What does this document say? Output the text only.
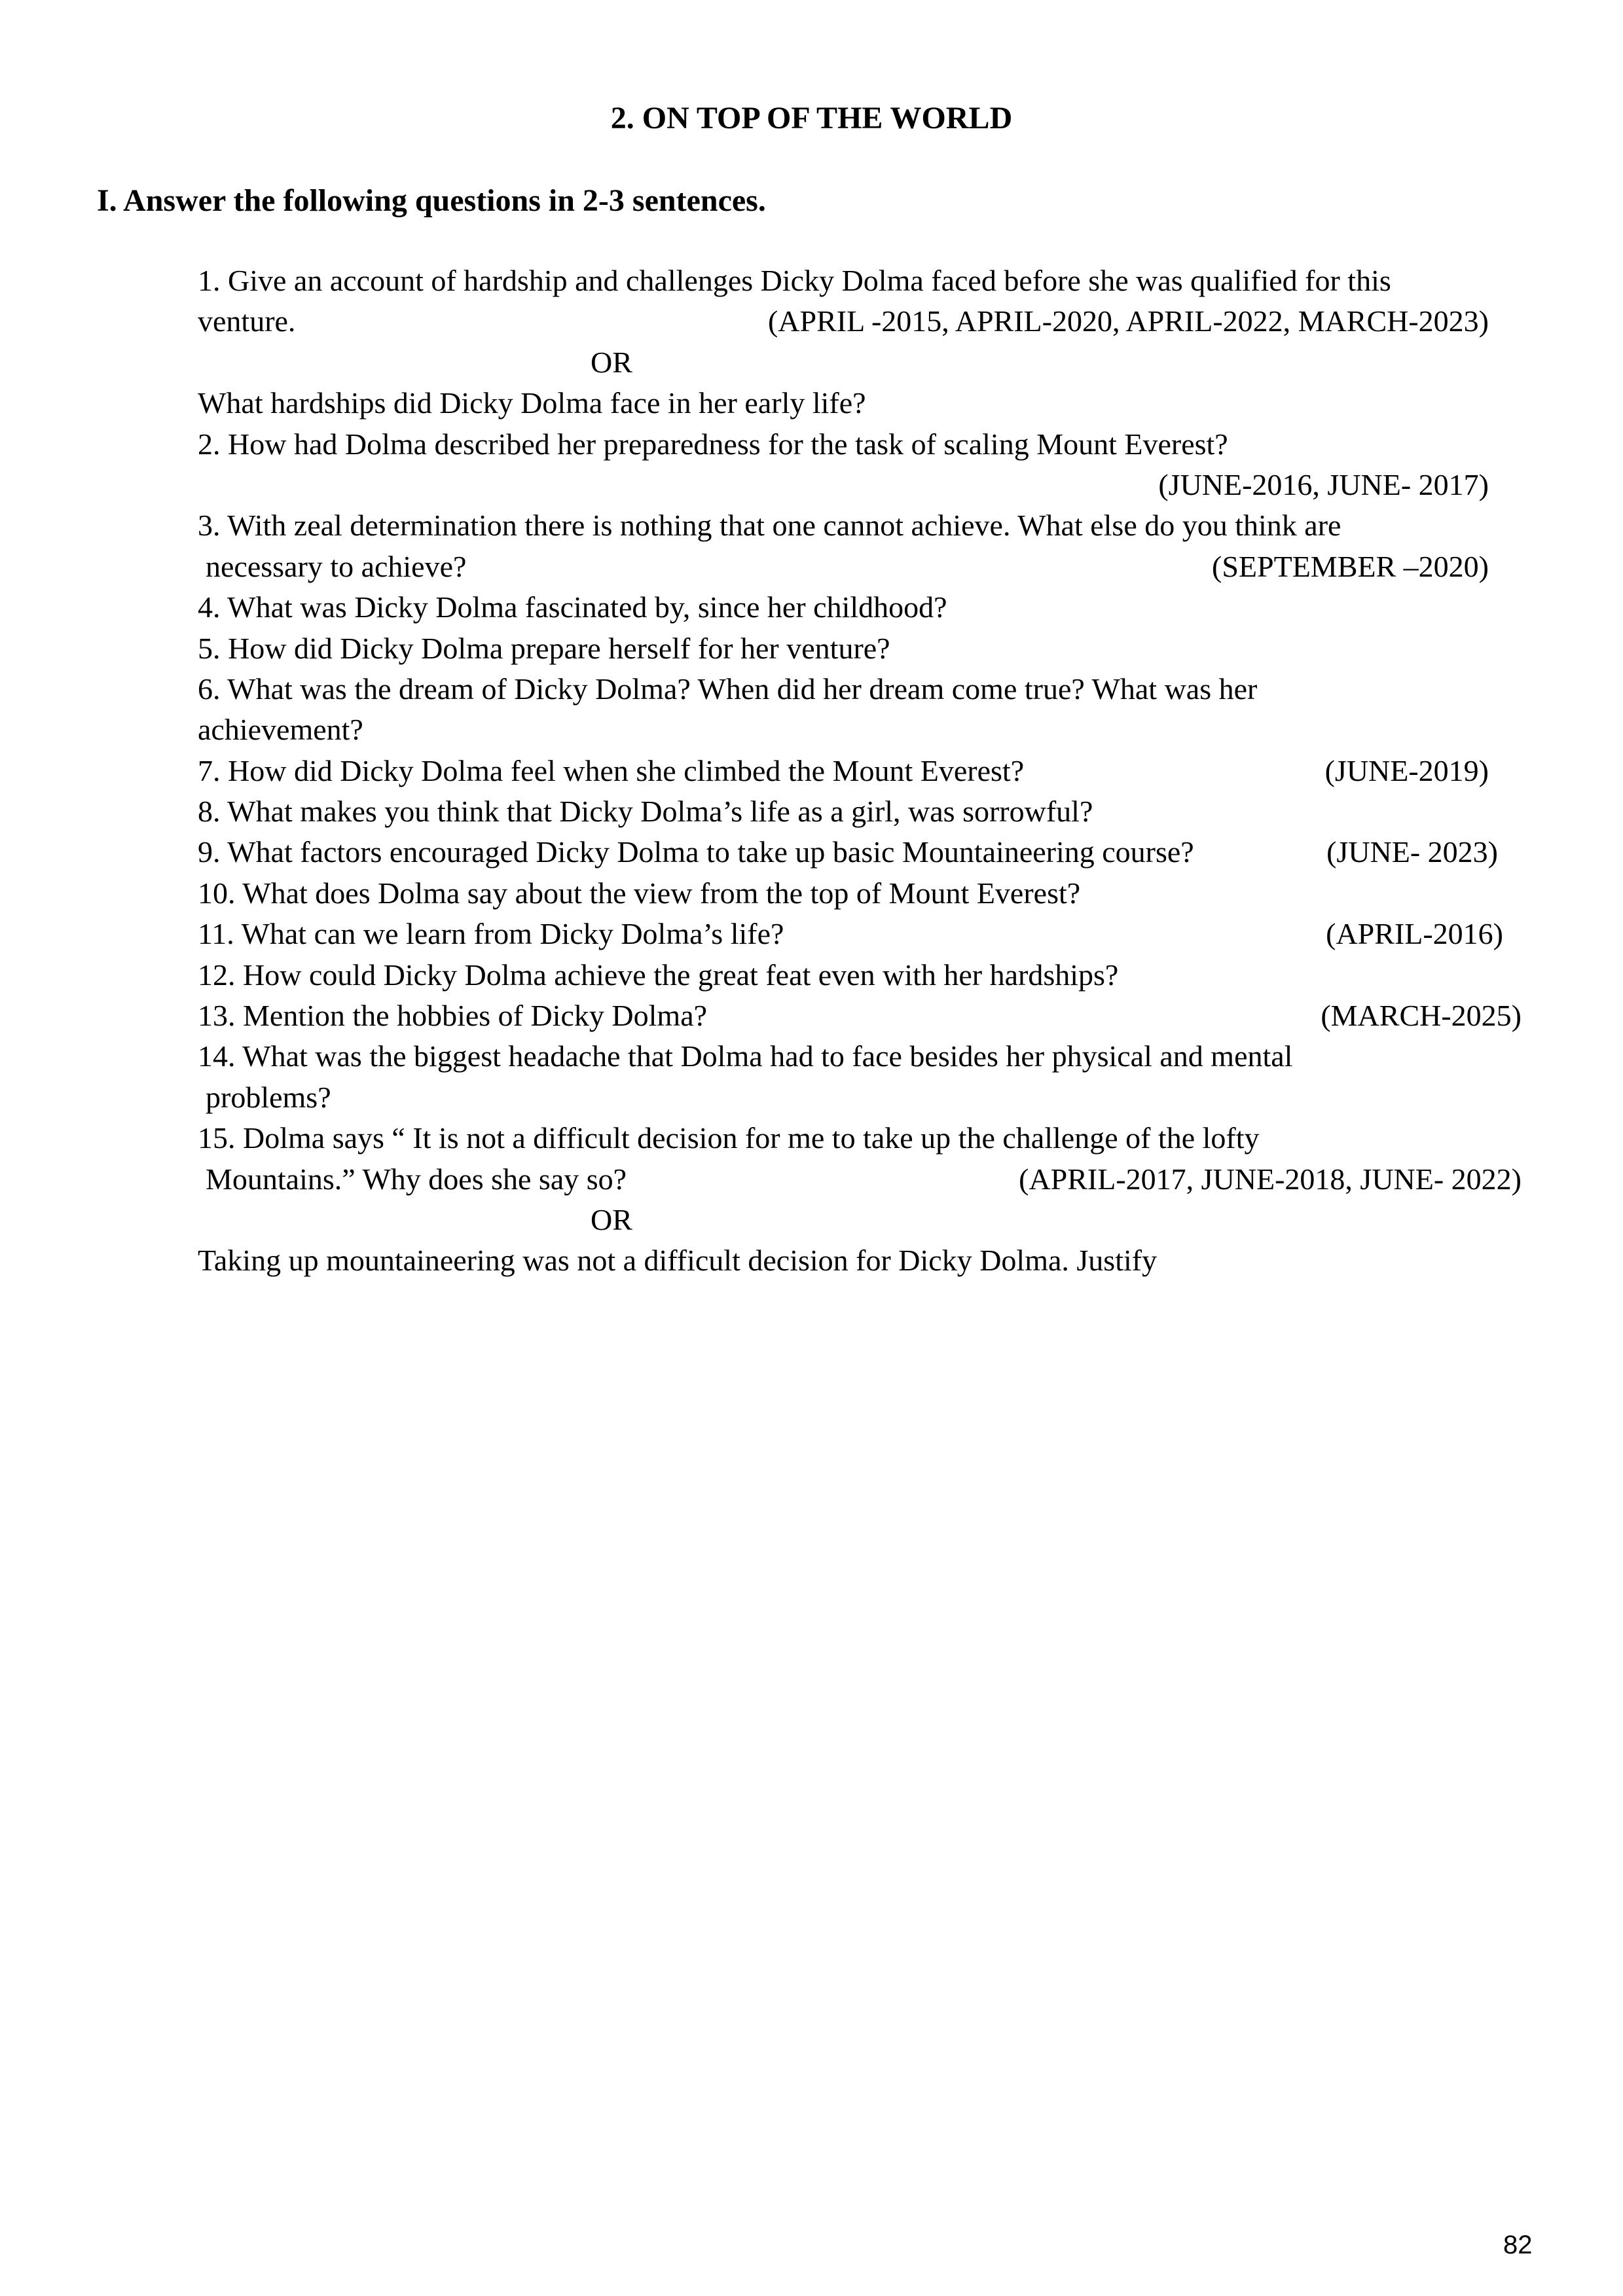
2. ON TOP OF THE WORLD
I. Answer the following questions in 2-3 sentences.
1. Give an account of hardship and challenges Dicky Dolma faced before she was qualified for this
venture.	(APRIL -2015, APRIL-2020, APRIL-2022, MARCH-2023)
OR
What hardships did Dicky Dolma face in her early life?
2. How had Dolma described her preparedness for the task of scaling Mount Everest?
(JUNE-2016, JUNE- 2017)
3. With zeal determination there is nothing that one cannot achieve. What else do you think are
necessary to achieve?	(SEPTEMBER –2020)
4. What was Dicky Dolma fascinated by, since her childhood?
5. How did Dicky Dolma prepare herself for her venture?
6. What was the dream of Dicky Dolma? When did her dream come true? What was her
achievement?
7. How did Dicky Dolma feel when she climbed the Mount Everest?	(JUNE-2019)
8. What makes you think that Dicky Dolma’s life as a girl, was sorrowful?
9. What factors encouraged Dicky Dolma to take up basic Mountaineering course?	(JUNE- 2023)
10. What does Dolma say about the view from the top of Mount Everest?
11. What can we learn from Dicky Dolma’s life?	(APRIL-2016)
12. How could Dicky Dolma achieve the great feat even with her hardships?
13. Mention the hobbies of Dicky Dolma?	(MARCH-2025)
14. What was the biggest headache that Dolma had to face besides her physical and mental
problems?
15. Dolma says “ It is not a difficult decision for me to take up the challenge of the lofty
Mountains.” Why does she say so?	(APRIL-2017, JUNE-2018, JUNE- 2022)
OR
Taking up mountaineering was not a difficult decision for Dicky Dolma. Justify
82
